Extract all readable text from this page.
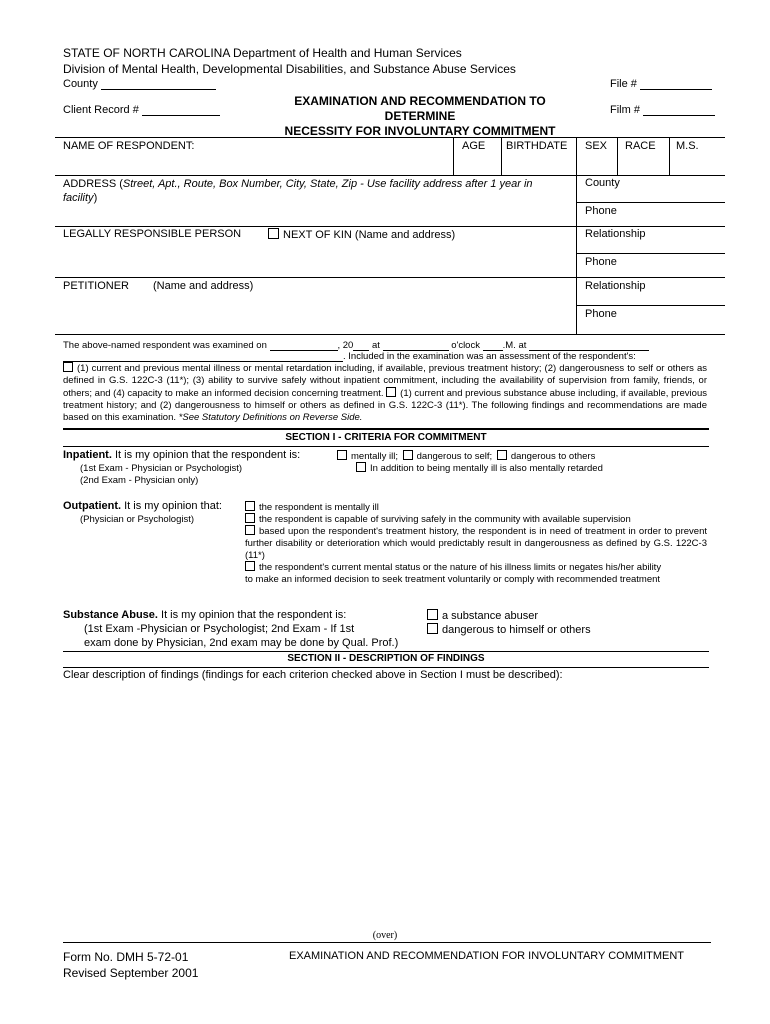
STATE OF NORTH CAROLINA Department of Health and Human Services
Division of Mental Health, Developmental Disabilities, and Substance Abuse Services
County	File #
EXAMINATION AND RECOMMENDATION TO
DETERMINE
NECESSITY FOR INVOLUNTARY COMMITMENT
Client Record #	Film #
NAME OF RESPONDENT:	AGE BIRTHDATE SEX RACE M.S.
ADDRESS (Street, Apt., Route, Box Number, City, State, Zip - Use facility address after 1 year in facility)
County
Phone
LEGALLY RESPONSIBLE PERSON	NEXT OF KIN (Name and address)	Relationship
Phone
PETITIONER (Name and address)	Relationship
Phone
The above-named respondent was examined on	, 20 at	o'clock .M. at
. Included in the examination was an assessment of the respondent's:
(1) current and previous mental illness or mental retardation including, if available, previous treatment history; (2) dangerousness to self or others as defined in G.S. 122C-3 (11*); (3) ability to survive safely without inpatient commitment, including the availability of supervision from family, friends, or others; and (4) capacity to make an informed decision concerning treatment. (1) current and previous substance abuse including, if available, previous treatment history; and (2) dangerousness to himself or others as defined in G.S. 122C-3 (11*). The following findings and recommendations are made based on this examination. *See Statutory Definitions on Reverse Side.
SECTION I - CRITERIA FOR COMMITMENT
Inpatient. It is my opinion that the respondent is:
(1st Exam - Physician or Psychologist)
(2nd Exam - Physician only)
mentally ill; dangerous to self; dangerous to others
In addition to being mentally ill is also mentally retarded
Outpatient. It is my opinion that:
(Physician or Psychologist)
the respondent is mentally ill
the respondent is capable of surviving safely in the community with available supervision
based upon the respondent's treatment history, the respondent is in need of treatment in order to prevent further disability or deterioration which would predictably result in dangerousness as defined by G.S. 122C-3 (11*)
the respondent's current mental status or the nature of his illness limits or negates his/her ability to make an informed decision to seek treatment voluntarily or comply with recommended treatment
Substance Abuse. It is my opinion that the respondent is:
(1st Exam -Physician or Psychologist; 2nd Exam - If 1st
exam done by Physician, 2nd exam may be done by Qual. Prof.)
a substance abuser
dangerous to himself or others
SECTION II - DESCRIPTION OF FINDINGS
Clear description of findings (findings for each criterion checked above in Section I must be described):
(over)
Form No. DMH 5-72-01
Revised September 2001
EXAMINATION AND RECOMMENDATION FOR INVOLUNTARY COMMITMENT
